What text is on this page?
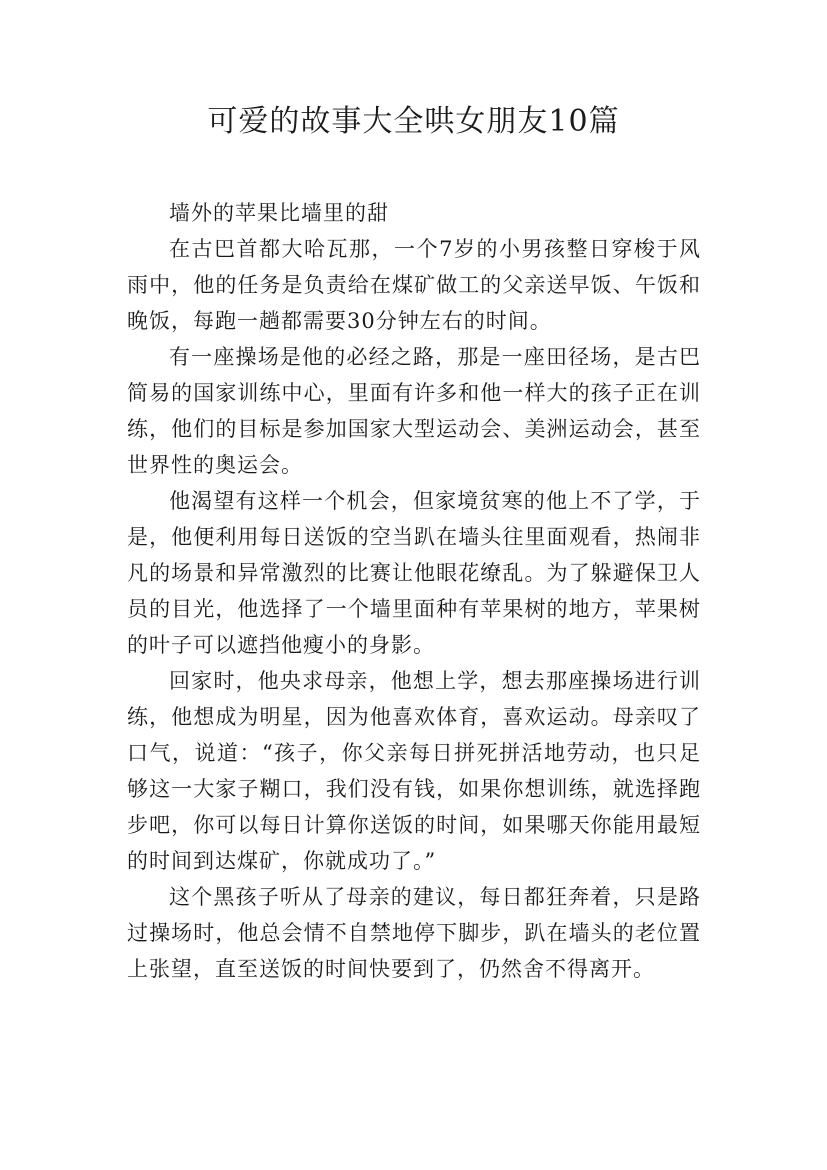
可爱的故事大全哄女朋友10篇

墙外的苹果比墙里的甜

在古巴首都大哈瓦那，一个7岁的小男孩整日穿梭于风雨中，他的任务是负责给在煤矿做工的父亲送早饭、午饭和晚饭，每跑一趟都需要30分钟左右的时间。

有一座操场是他的必经之路，那是一座田径场，是古巴简易的国家训练中心，里面有许多和他一样大的孩子正在训练，他们的目标是参加国家大型运动会、美洲运动会，甚至世界性的奥运会。

他渴望有这样一个机会，但家境贫寒的他上不了学，于是，他便利用每日送饭的空当趴在墙头往里面观看，热闹非凡的场景和异常激烈的比赛让他眼花缭乱。为了躲避保卫人员的目光，他选择了一个墙里面种有苹果树的地方，苹果树的叶子可以遮挡他瘦小的身影。

回家时，他央求母亲，他想上学，想去那座操场进行训练，他想成为明星，因为他喜欢体育，喜欢运动。母亲叹了口气，说道：“孩子，你父亲每日拼死拼活地劳动，也只足够这一大家子糊口，我们没有钱，如果你想训练，就选择跑步吧，你可以每日计算你送饭的时间，如果哪天你能用最短的时间到达煤矿，你就成功了。”

这个黑孩子听从了母亲的建议，每日都狂奔着，只是路过操场时，他总会情不自禁地停下脚步，趴在墙头的老位置上张望，直至送饭的时间快要到了，仍然舍不得离开。
